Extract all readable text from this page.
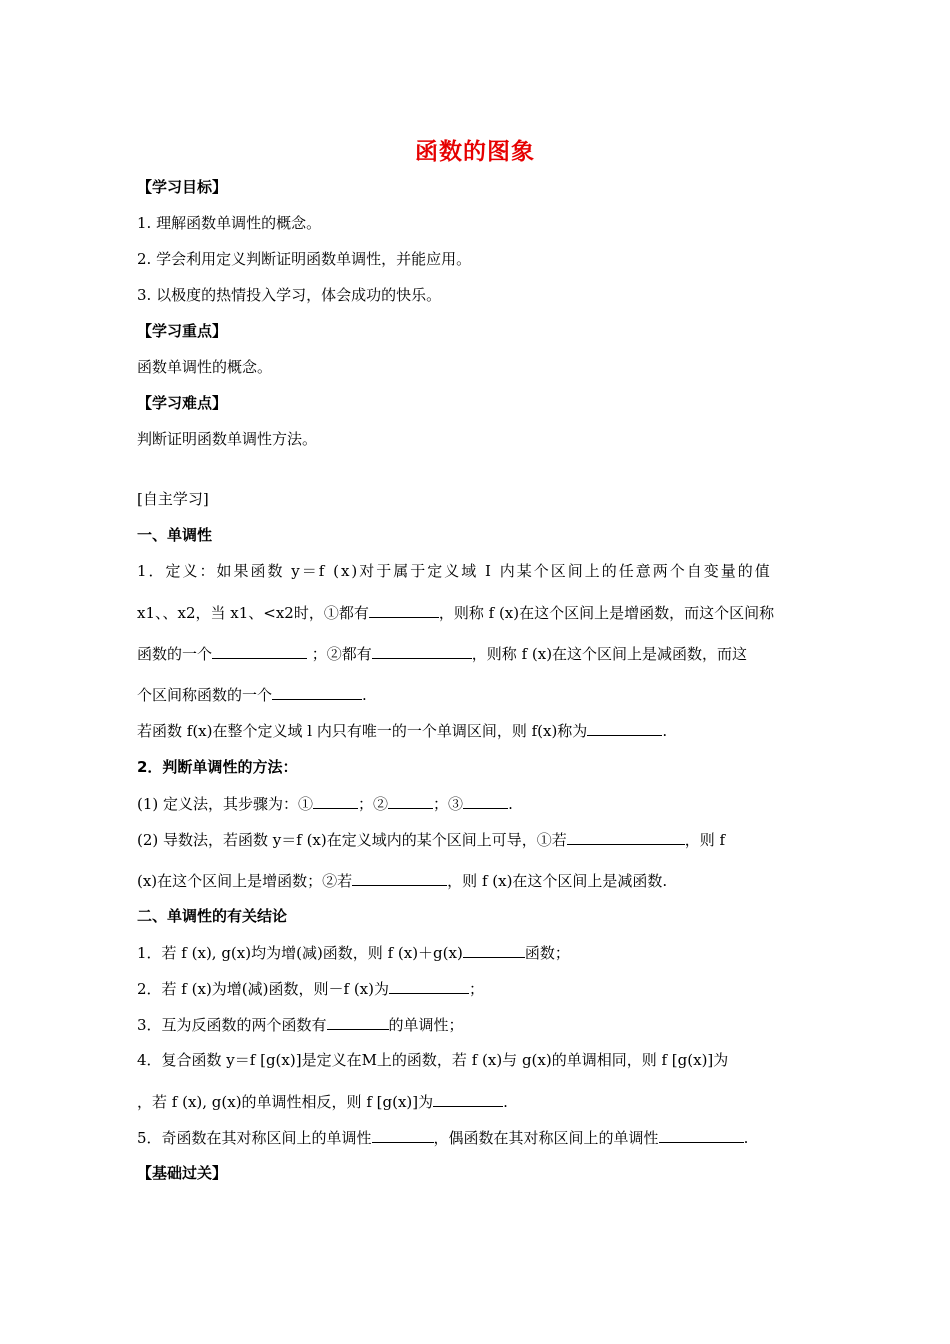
函数的图象
【学习目标】
1. 理解函数单调性的概念。
2. 学会利用定义判断证明函数单调性，并能应用。
3. 以极度的热情投入学习，体会成功的快乐。
【学习重点】
函数单调性的概念。
【学习难点】
判断证明函数单调性方法。
[自主学习]
一、单调性
1．定义：如果函数 y＝f (x)对于属于定义域 I 内某个区间上的任意两个自变量的值
x1、、x2，当 x1、<x2时，①都有	，则称 f (x)在这个区间上是增函数，而这个区间称
函数的一个	；②都有	，则称 f (x)在这个区间上是减函数，而这
个区间称函数的一个	.
若函数 f(x)在整个定义域 l 内只有唯一的一个单调区间，则 f(x)称为	.
2．判断单调性的方法：
(1) 定义法，其步骤为：①	；②	；③	.
(2) 导数法，若函数 y＝f (x)在定义域内的某个区间上可导，①若	，则 f
(x)在这个区间上是增函数；②若	，则 f (x)在这个区间上是减函数.
二、单调性的有关结论
1．若 f (x), g(x)均为增(减)函数，则 f (x)＋g(x)	函数；
2．若 f (x)为增(减)函数，则－f (x)为	；
3．互为反函数的两个函数有	的单调性；
4．复合函数 y＝f [g(x)]是定义在M上的函数，若 f (x)与 g(x)的单调相同，则 f [g(x)]为
，若 f (x), g(x)的单调性相反，则 f [g(x)]为	.
5．奇函数在其对称区间上的单调性	，偶函数在其对称区间上的单调性	.
【基础过关】
